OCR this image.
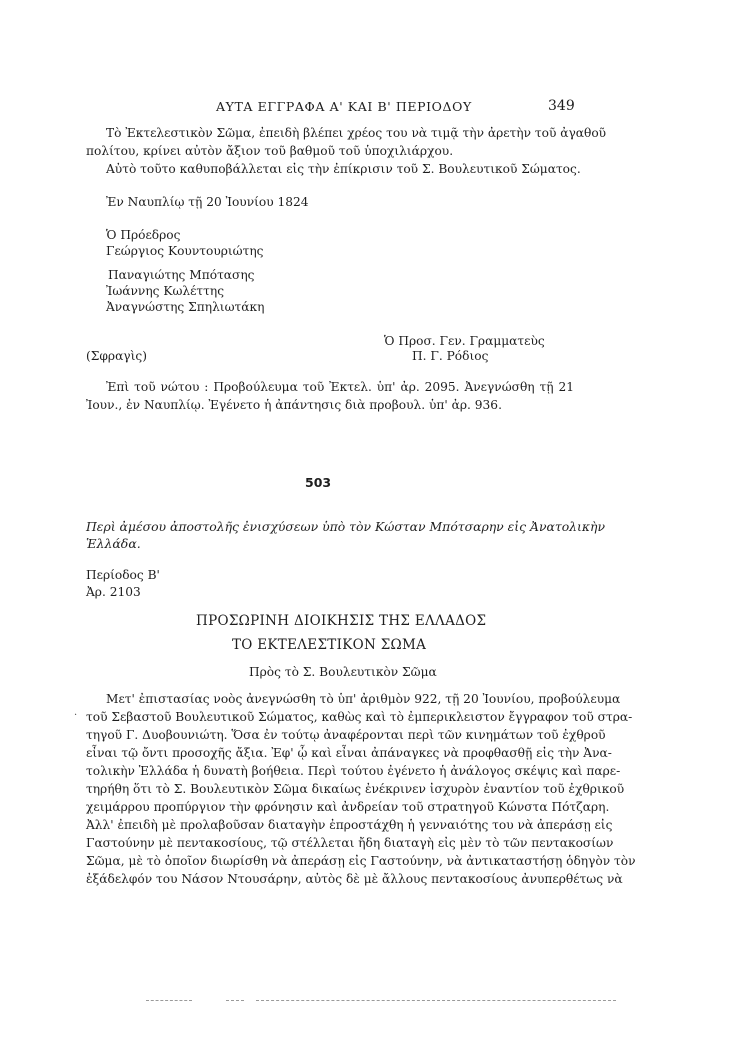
ΑΥΤΑ ΕΓΓΡΑΦΑ Α' ΚΑΙ Β' ΠΕΡΙΟΔΟΥ	349
Τὸ Ἐκτελεστικὸν Σῶμα, ἐπειδὴ βλέπει χρέος του νὰ τιμᾷ τὴν ἀρετὴν τοῦ ἀγαθοῦ
πολίτου, κρίνει αὐτὸν ἄξιον τοῦ βαθμοῦ τοῦ ὑποχιλιάρχου.
Αὐτὸ τοῦτο καθυποβάλλεται εἰς τὴν ἐπίκρισιν τοῦ Σ. Βουλευτικοῦ Σώματος.
Ἐν Ναυπλίῳ τῇ 20 Ἰουνίου 1824
Ὁ Πρόεδρος
Γεώργιος Κουντουριώτης
Παναγιώτης Μπότασης
Ἰωάννης Κωλέττης
Ἀναγνώστης Σπηλιωτάκη
Ὁ Προσ. Γεν. Γραμματεὺς
(Σφραγὶς)	Π. Γ. Ρόδιος
Ἐπὶ τοῦ νώτου : Προβούλευμα τοῦ Ἐκτελ. ὑπ' ἀρ. 2095. Ἀνεγνώσθη τῇ 21
Ἰουν., ἐν Ναυπλίῳ. Ἐγένετο ἡ ἀπάντησις διὰ προβουλ. ὑπ' ἀρ. 936.
503
Περὶ ἀμέσου ἀποστολῆς ἐνισχύσεων ὑπὸ τὸν Κώσταν Μπότσαρην εἰς Ἀνατολικὴν
Ἑλλάδα.
Περίοδος Β'
Ἀρ. 2103
ΠΡΟΣΩΡΙΝΗ ΔΙΟΙΚΗΣΙΣ ΤΗΣ ΕΛΛΑΔΟΣ
ΤΟ ΕΚΤΕΛΕΣΤΙΚΟΝ ΣΩΜΑ
Πρὸς τὸ Σ. Βουλευτικὸν Σῶμα
Μετ' ἐπιστασίας νοὸς ἀνεγνώσθη τὸ ὑπ' ἀριθμὸν 922, τῇ 20 Ἰουνίου, προβούλευμα
· τοῦ Σεβαστοῦ Βουλευτικοῦ Σώματος, καθὼς καὶ τὸ ἐμπερικλειστον ἔγγραφον τοῦ στρα-
τηγοῦ Γ. Δυοβουνιώτη. Ὅσα ἐν τούτῳ ἀναφέρονται περὶ τῶν κινημάτων τοῦ ἐχθροῦ
εἶναι τῷ ὄντι προσοχῆς ἄξια. Ἐφ' ᾧ καὶ εἶναι ἀπάναγκες νὰ προφθασθῇ εἰς τὴν Ἀνα-
τολικὴν Ἑλλάδα ἡ δυνατὴ βοήθεια. Περὶ τούτου ἐγένετο ἡ ἀνάλογος σκέψις καὶ παρε-
τηρήθη ὅτι τὸ Σ. Βουλευτικὸν Σῶμα δικαίως ἐνέκρινεν ἰσχυρὸν ἐναντίον τοῦ ἐχθρικοῦ
χειμάρρου προπύργιον τὴν φρόνησιν καὶ ἀνδρείαν τοῦ στρατηγοῦ Κώνστα Πότζαρη.
Ἀλλ' ἐπειδὴ μὲ προλαβοῦσαν διαταγὴν ἐπροστάχθη ἡ γενναιότης του νὰ ἀπεράσῃ εἰς
Γαστούνην μὲ πεντακοσίους, τῷ στέλλεται ἤδη διαταγὴ εἰς μὲν τὸ τῶν πεντακοσίων
Σῶμα, μὲ τὸ ὁποῖον διωρίσθη νὰ ἀπεράσῃ εἰς Γαστούνην, νὰ ἀντικαταστήσῃ ὁδηγὸν τὸν
ἐξάδελφόν του Νάσον Ντουσάρην, αὐτὸς δὲ μὲ ἄλλους πεντακοσίους ἀνυπερθέτως νὰ
